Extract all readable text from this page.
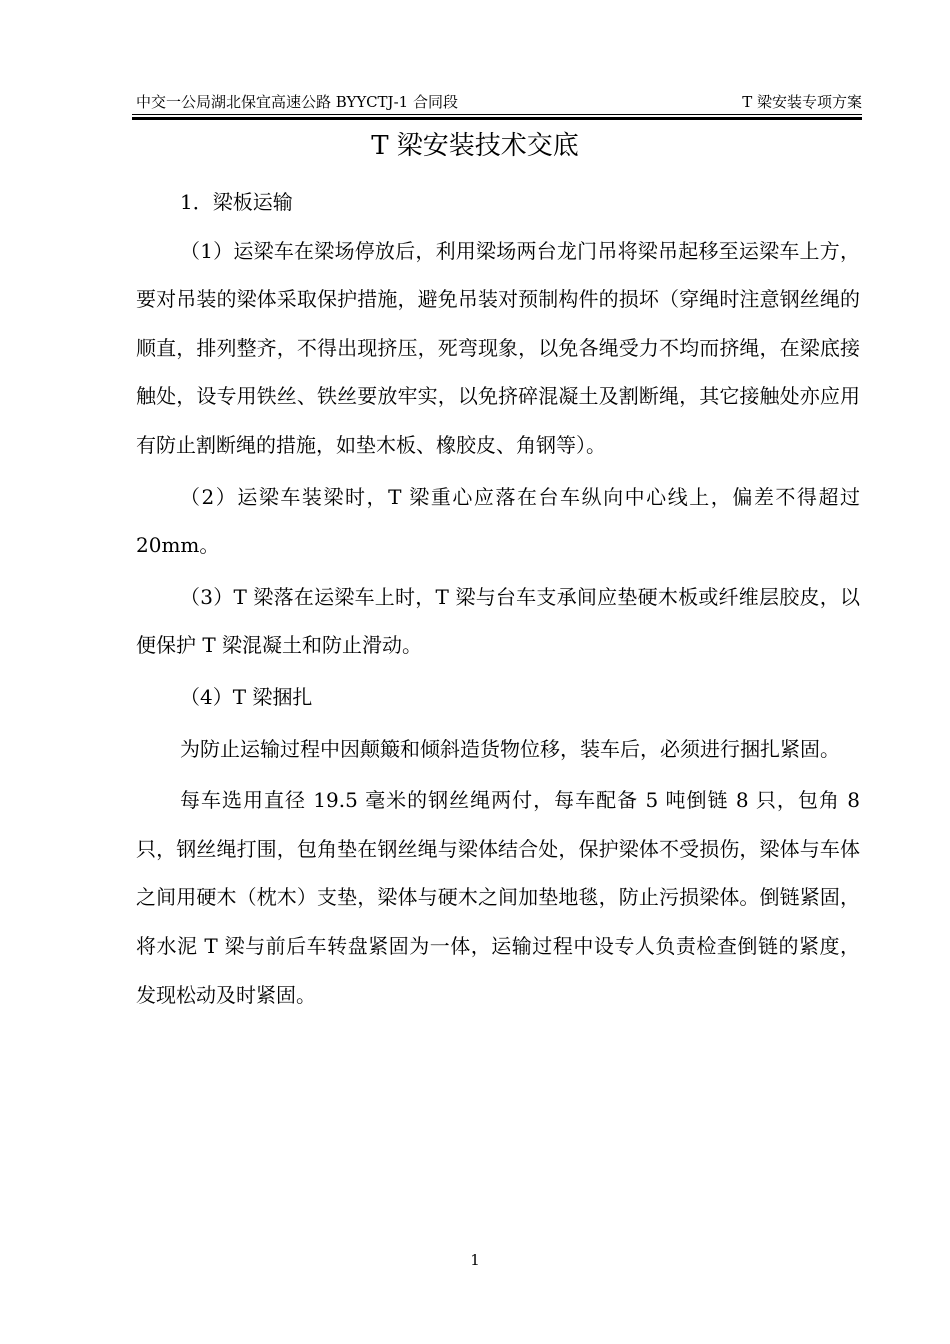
中交一公局湖北保宜高速公路 BYYCTJ-1 合同段	T 梁安装专项方案
T 梁安装技术交底

1．梁板运输

（1）运梁车在梁场停放后，利用梁场两台龙门吊将梁吊起移至运梁车上方，要对吊装的梁体采取保护措施，避免吊装对预制构件的损坏（穿绳时注意钢丝绳的顺直，排列整齐，不得出现挤压，死弯现象，以免各绳受力不均而挤绳，在梁底接触处，设专用铁丝、铁丝要放牢实，以免挤碎混凝土及割断绳，其它接触处亦应用有防止割断绳的措施，如垫木板、橡胶皮、角钢等）。

（2）运梁车装梁时，T 梁重心应落在台车纵向中心线上，偏差不得超过 20mm。

（3）T 梁落在运梁车上时，T 梁与台车支承间应垫硬木板或纤维层胶皮，以便保护 T 梁混凝土和防止滑动。

（4）T 梁捆扎

为防止运输过程中因颠簸和倾斜造货物位移，装车后，必须进行捆扎紧固。

每车选用直径 19.5 毫米的钢丝绳两付，每车配备 5 吨倒链 8 只，包角 8 只，钢丝绳打围，包角垫在钢丝绳与梁体结合处，保护梁体不受损伤，梁体与车体之间用硬木（枕木）支垫，梁体与硬木之间加垫地毯，防止污损梁体。倒链紧固，将水泥 T 梁与前后车转盘紧固为一体，运输过程中设专人负责检查倒链的紧度，发现松动及时紧固。

1
